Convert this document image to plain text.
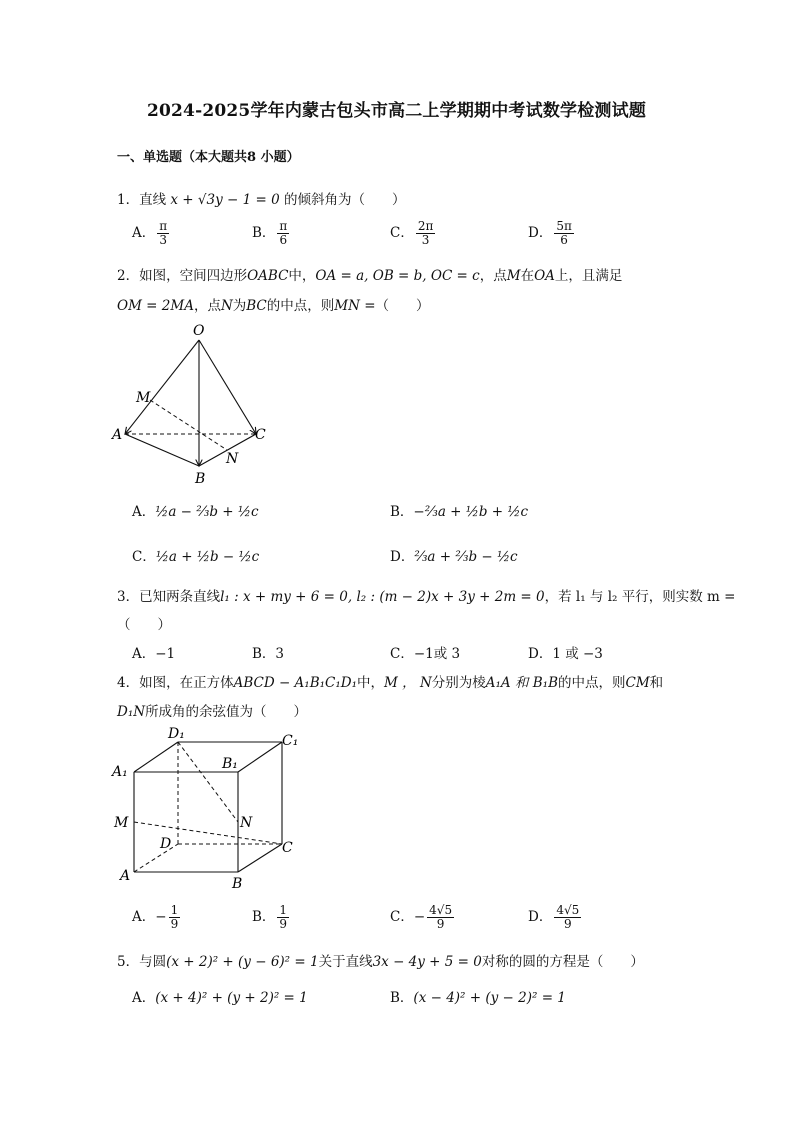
2024-2025学年内蒙古包头市高二上学期期中考试数学检测试题
一、单选题（本大题共8 小题）
1．直线 x + √3y − 1 = 0 的倾斜角为（　　）
A． $\frac{\pi}{3}$	B． $\frac{\pi}{6}$	C． $\frac{2\pi}{3}$	D． $\frac{5\pi}{6}$
2．如图，空间四边形OABC中，OA = a, OB = b, OC = c，点M在OA上，且满足
OM = 2MA，点N为BC的中点，则MN =（　　）
O
M
A	C
N
B
A．½a − ⅔b + ½c	B．−⅔a + ½b + ½c
C．½a + ½b − ½c	D．⅔a + ⅔b − ½c
3．已知两条直线l₁ : x + my + 6 = 0, l₂ : (m − 2)x + 3y + 2m = 0，若 l₁ 与 l₂ 平行，则实数 m =
（　　）
A．−1	B．3	C．−1或 3	D．1 或 −3
4．如图，在正方体ABCD − A₁B₁C₁D₁中，M ， N分别为棱A₁A 和 B₁B的中点，则CM和
D₁N所成角的余弦值为（　　）
D₁	C₁
A₁	B₁
M	N
D	C
A	B
A．− $\frac{1}{9}$	B． $\frac{1}{9}$	C．− $\frac{4√5}{9}$	D． $\frac{4√5}{9}$
5．与圆(x + 2)² + (y − 6)² = 1关于直线3x − 4y + 5 = 0对称的圆的方程是（　　）
A．(x + 4)² + (y + 2)² = 1	B．(x − 4)² + (y − 2)² = 1
